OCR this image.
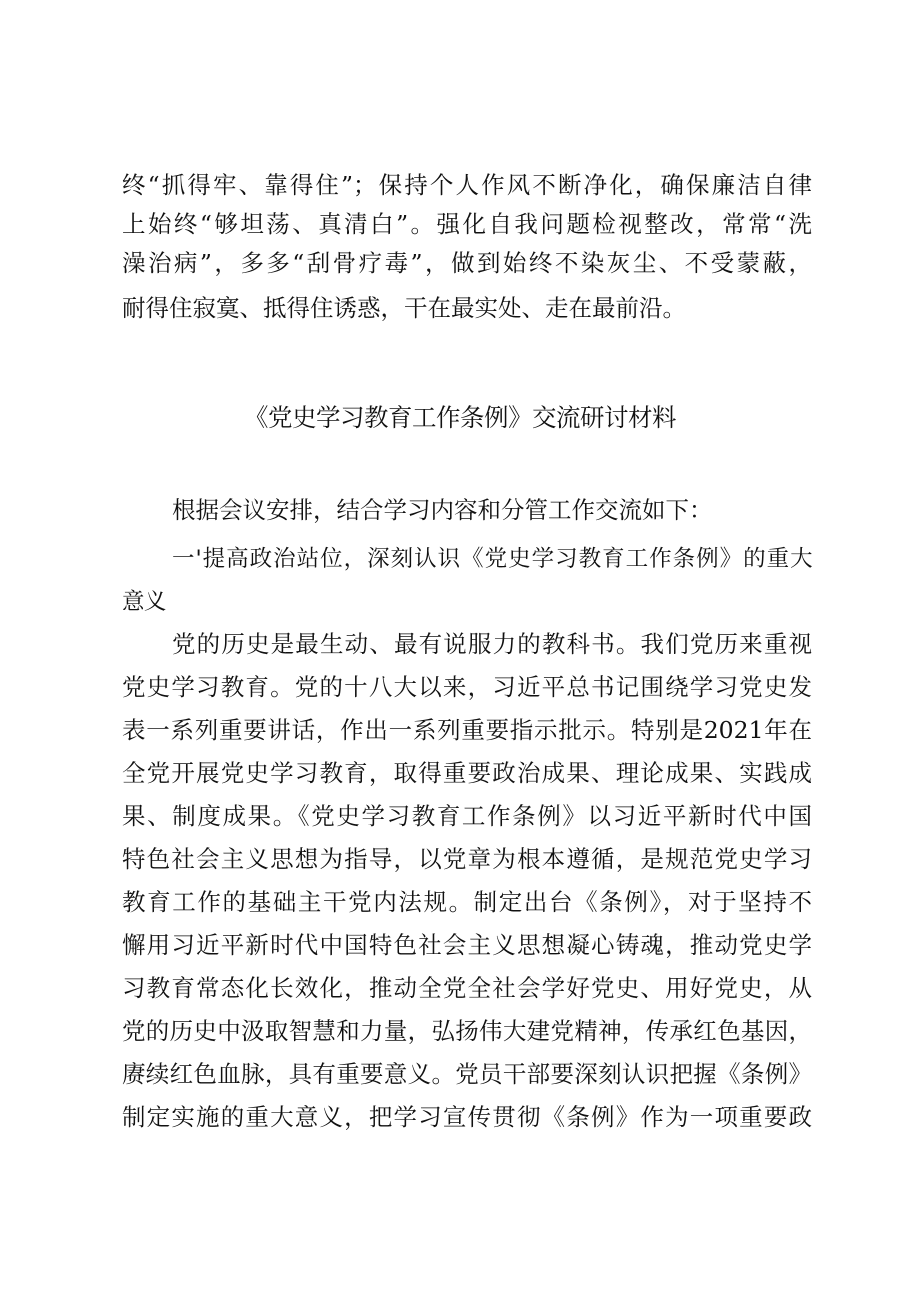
终“抓得牢、靠得住”；保持个人作风不断净化，确保廉洁自律
上始终“够坦荡、真清白”。强化自我问题检视整改，常常“洗
澡治病”，多多“刮骨疗毒”，做到始终不染灰尘、不受蒙蔽，
耐得住寂寞、抵得住诱惑，干在最实处、走在最前沿。
《党史学习教育工作条例》交流研讨材料
根据会议安排，结合学习内容和分管工作交流如下：
一'提高政治站位，深刻认识《党史学习教育工作条例》的重大
意义
党的历史是最生动、最有说服力的教科书。我们党历来重视
党史学习教育。党的十八大以来，习近平总书记围绕学习党史发
表一系列重要讲话，作出一系列重要指示批示。特别是2021年在
全党开展党史学习教育，取得重要政治成果、理论成果、实践成
果、制度成果。《党史学习教育工作条例》以习近平新时代中国
特色社会主义思想为指导，以党章为根本遵循，是规范党史学习
教育工作的基础主干党内法规。制定出台《条例》，对于坚持不
懈用习近平新时代中国特色社会主义思想凝心铸魂，推动党史学
习教育常态化长效化，推动全党全社会学好党史、用好党史，从
党的历史中汲取智慧和力量，弘扬伟大建党精神，传承红色基因，
赓续红色血脉，具有重要意义。党员干部要深刻认识把握《条例》
制定实施的重大意义，把学习宣传贯彻《条例》作为一项重要政
